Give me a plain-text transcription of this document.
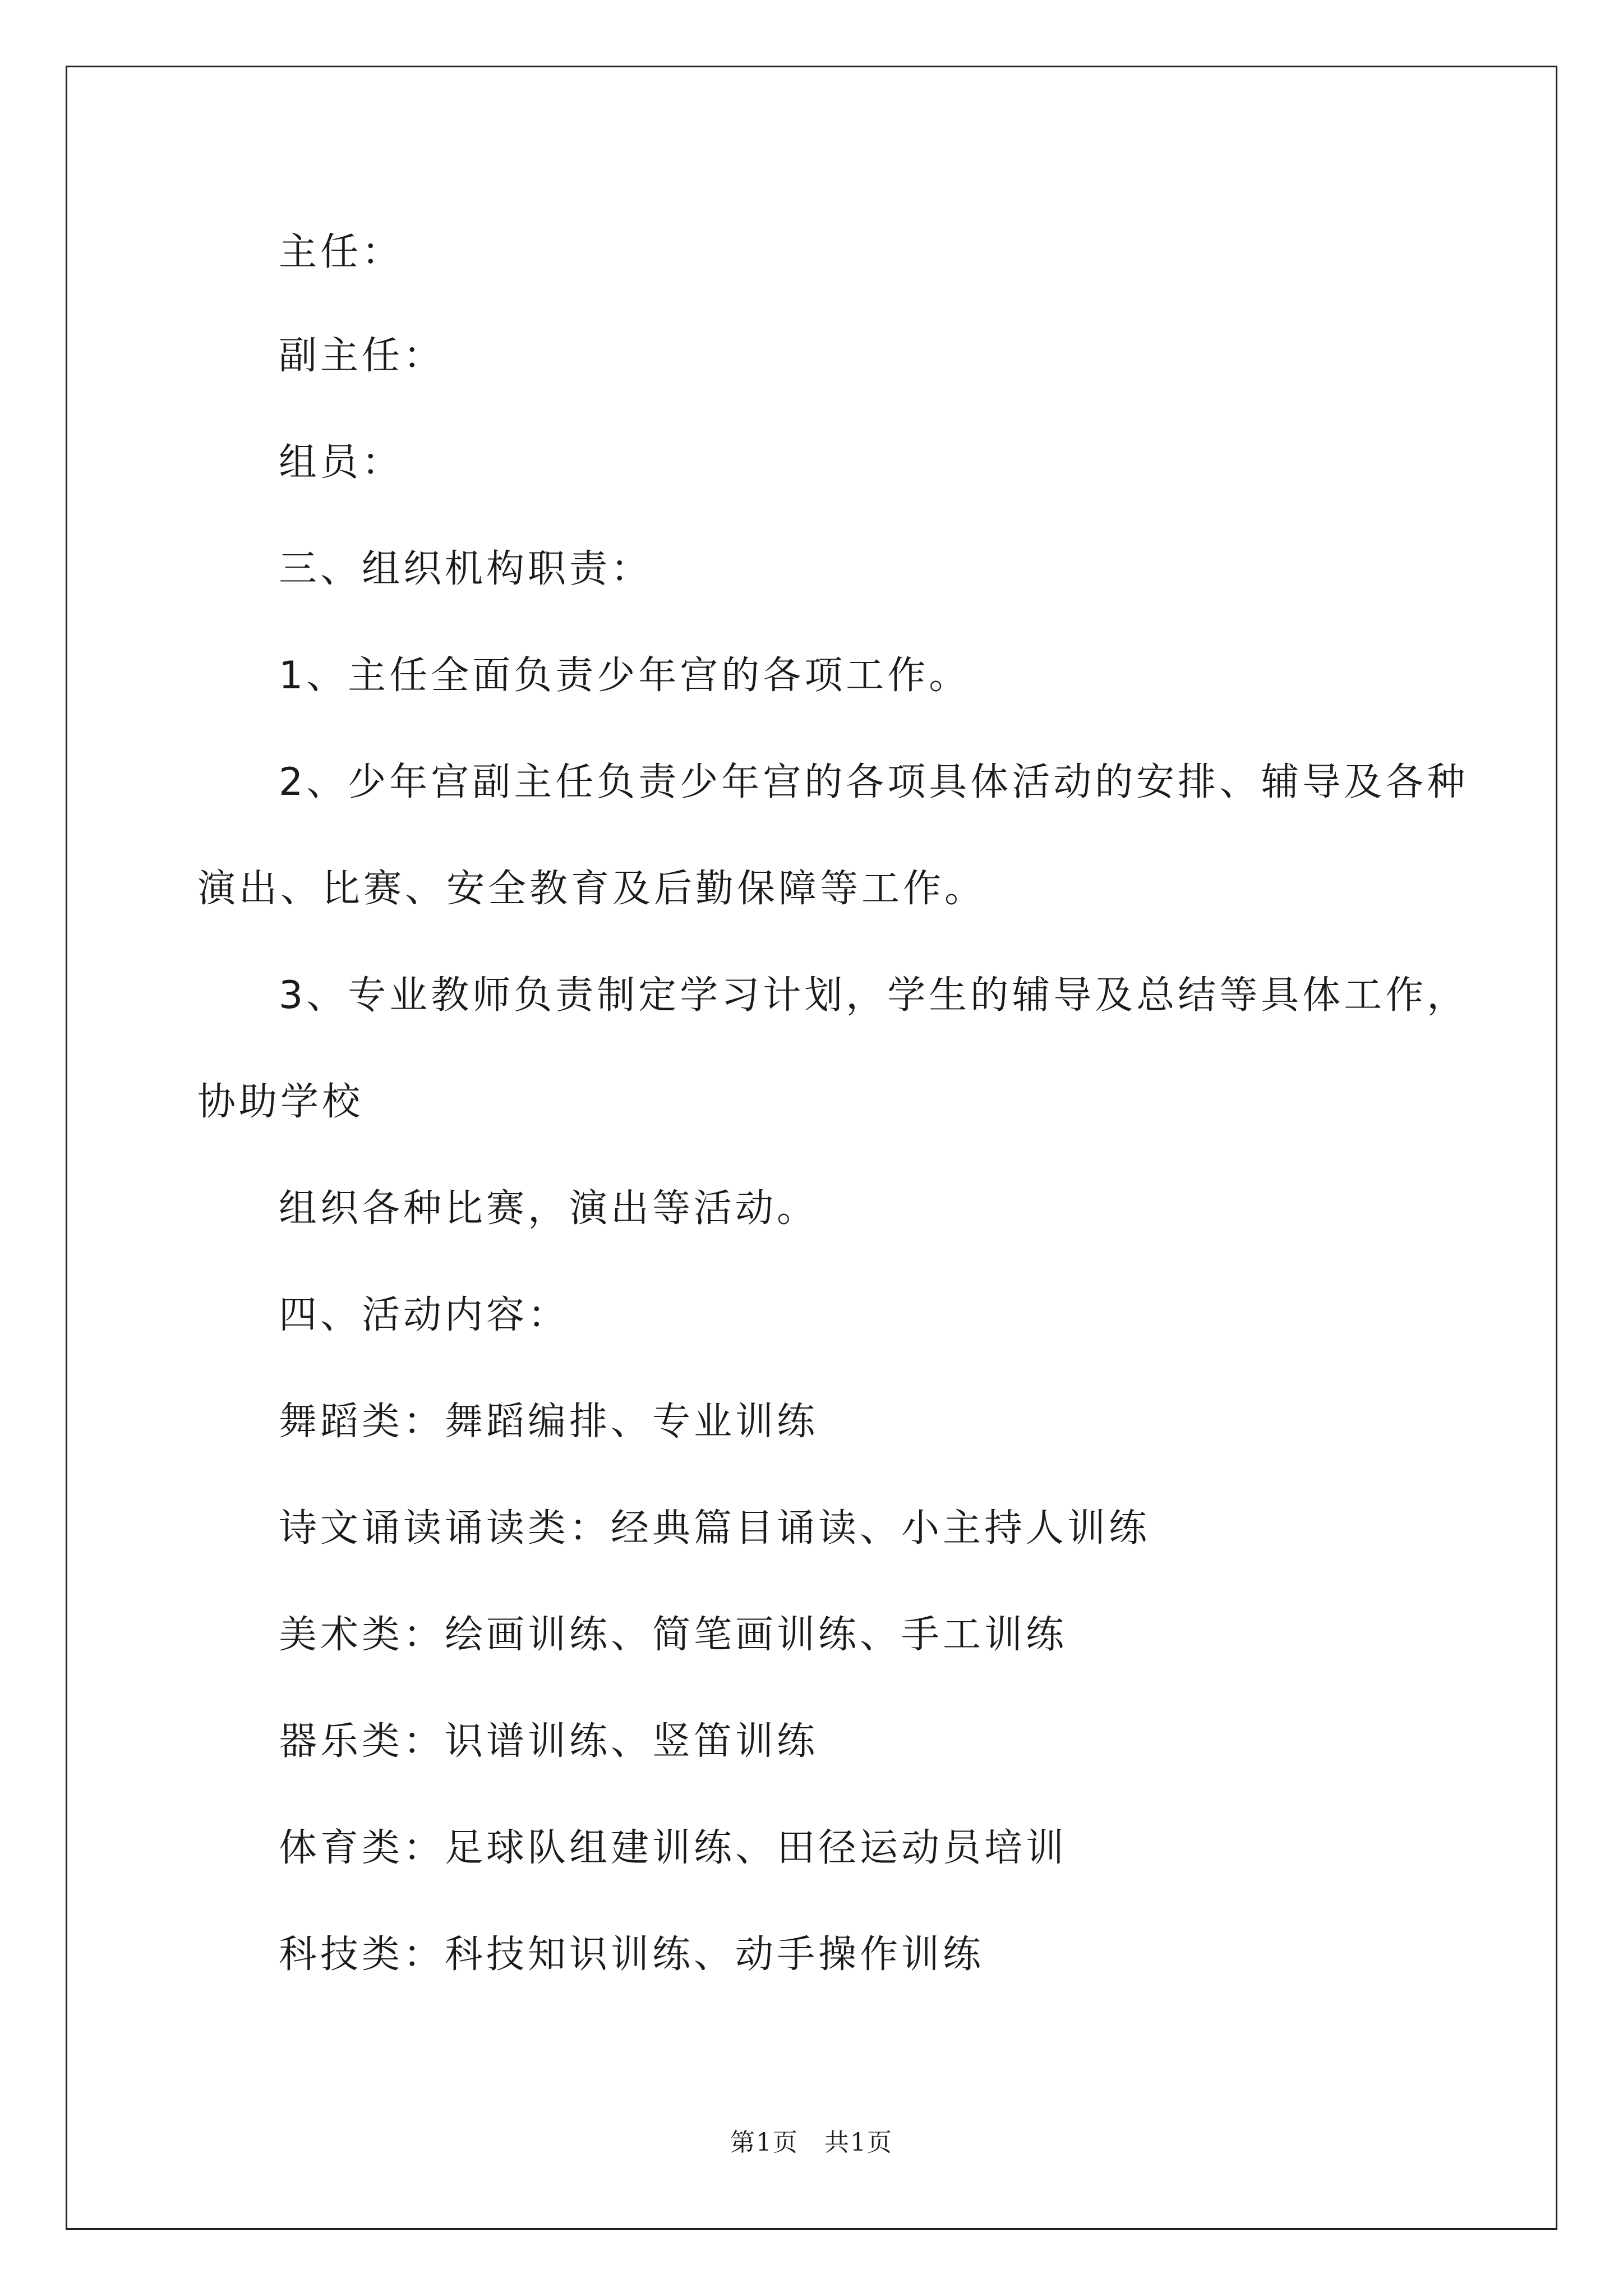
主任：
副主任：
组员：
三、组织机构职责：
1、主任全面负责少年宫的各项工作。
2、少年宫副主任负责少年宫的各项具体活动的安排、辅导及各种
演出、比赛、安全教育及后勤保障等工作。
3、专业教师负责制定学习计划，学生的辅导及总结等具体工作，
协助学校
组织各种比赛，演出等活动。
四、活动内容：
舞蹈类：舞蹈编排、专业训练
诗文诵读诵读类：经典篇目诵读、小主持人训练
美术类：绘画训练、简笔画训练、手工训练
器乐类：识谱训练、竖笛训练
体育类：足球队组建训练、田径运动员培训
科技类：科技知识训练、动手操作训练
第1页　共1页
